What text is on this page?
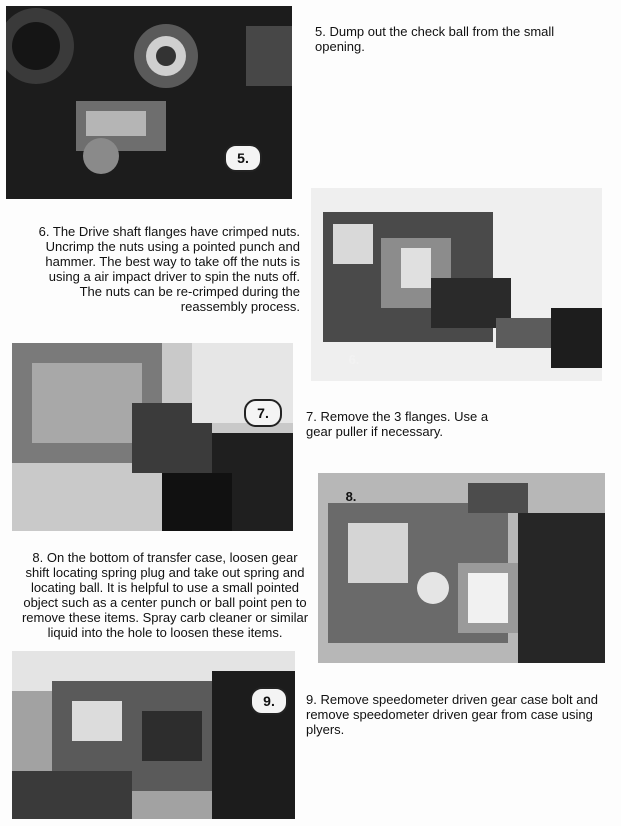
5.
5. Dump out the check ball from the small opening.
6. The Drive shaft flanges have crimped nuts. Uncrimp the nuts using a pointed punch and hammer. The best way to take off the nuts is using a air impact driver to spin the nuts off. The nuts can be re-crimped during the reassembly process.
6.
7.	7. Remove the 3 flanges. Use a gear puller if necessary.
8.
8. On the bottom of transfer case, loosen gear shift locating spring plug and take out spring and locating ball. It is helpful to use a small pointed object such as a center punch or ball point pen to remove these items. Spray carb cleaner or similar liquid into the hole to loosen these items.
9.	9. Remove speedometer driven gear case bolt and remove speedometer driven gear from case using plyers.
